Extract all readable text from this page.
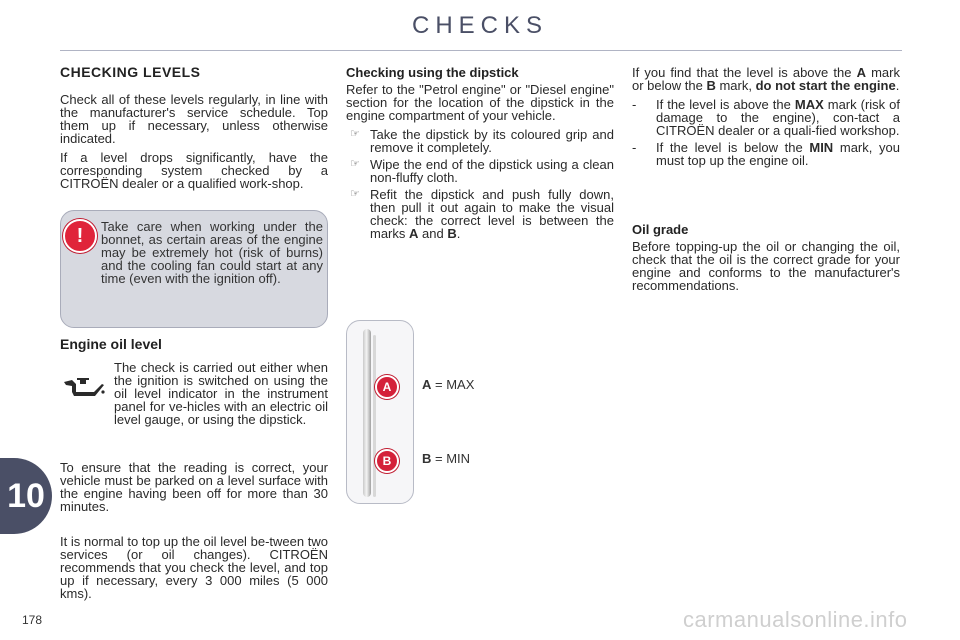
CHECKS
CHECKING LEVELS

Check all of these levels regularly, in line with the manufacturer's service schedule. Top them up if necessary, unless otherwise indicated.

If a level drops significantly, have the corresponding system checked by a CITROËN dealer or a qualified work-shop.

!	Take care when working under the bonnet, as certain areas of the engine may be extremely hot (risk of burns) and the cooling fan could start at any time (even with the ignition off).
Engine oil level
The check is carried out either when the ignition is switched on using the oil level indicator in the instrument panel for ve-hicles with an electric oil level gauge, or using the dipstick.
To ensure that the reading is correct, your vehicle must be parked on a level surface with the engine having been off for more than 30 minutes.
It is normal to top up the oil level be-tween two services (or oil changes). CITROËN recommends that you check the level, and top up if necessary, every 3 000 miles (5 000 kms).
Checking using the dipstick

Refer to the "Petrol engine" or "Diesel engine" section for the location of the dipstick in the engine compartment of your vehicle.

☞ Take the dipstick by its coloured grip and remove it completely.
☞ Wipe the end of the dipstick using a clean non-fluffy cloth.
☞ Refit the dipstick and push fully down, then pull it out again to make the visual check: the correct level is between the marks A and B.
A
B
A = MAX
B = MIN

If you find that the level is above the A mark or below the B mark, do not start the engine.

- If the level is above the MAX mark (risk of damage to the engine), con-tact a CITROËN dealer or a quali-fied workshop.
- If the level is below the MIN mark, you must top up the engine oil.
Oil grade

Before topping-up the oil or changing the oil, check that the oil is the correct grade for your engine and conforms to the manufacturer's recommendations.

10
178	carmanualsonline.info
